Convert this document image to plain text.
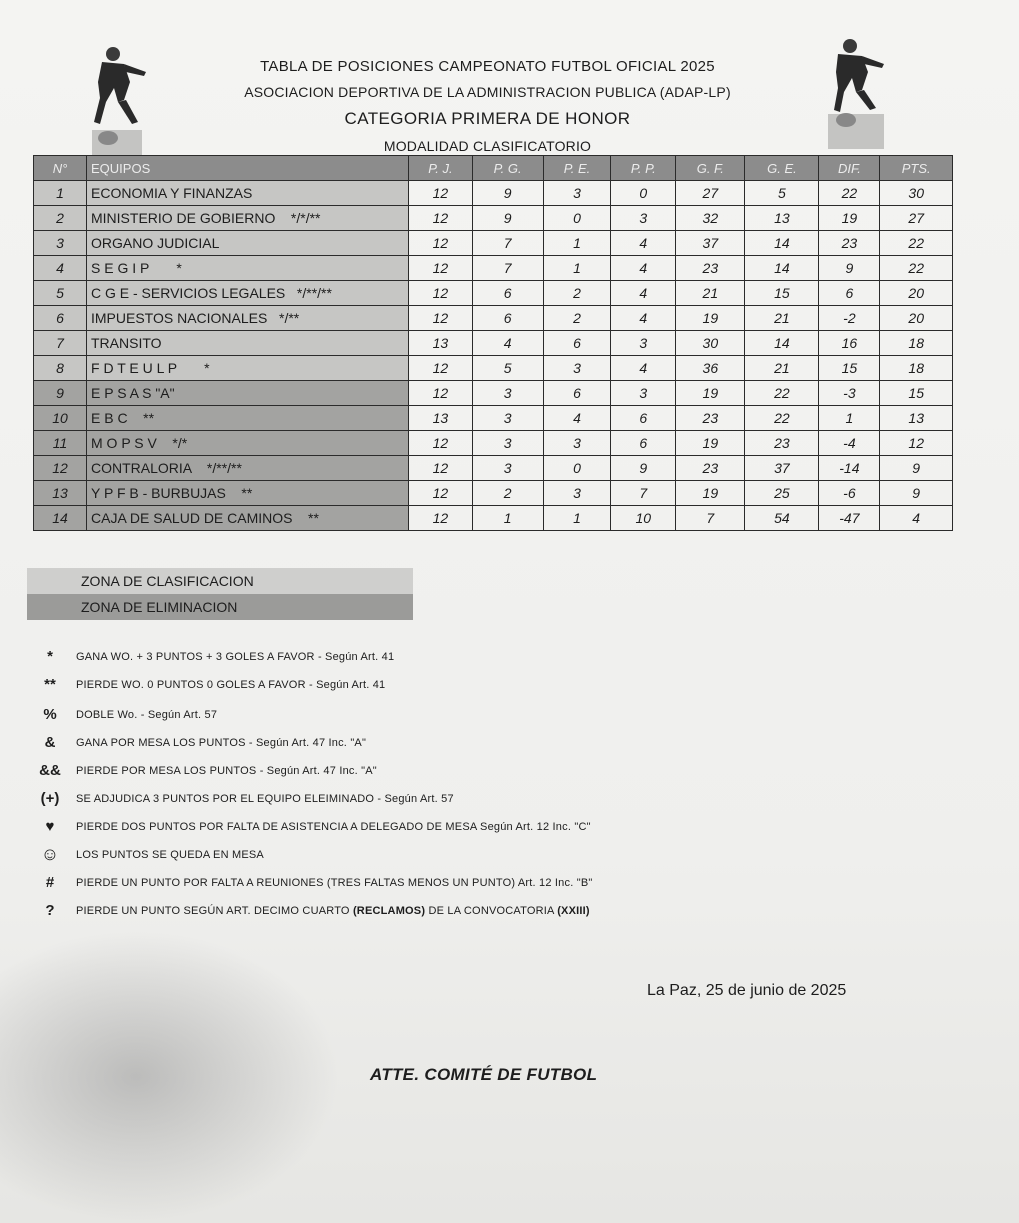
TABLA DE POSICIONES CAMPEONATO FUTBOL OFICIAL 2025
ASOCIACION DEPORTIVA DE LA ADMINISTRACION PUBLICA (ADAP-LP)
CATEGORIA PRIMERA DE HONOR
MODALIDAD CLASIFICATORIO
N°	EQUIPOS	P. J.	P. G.	P. E.	P. P.	G. F.	G. E.	DIF.	PTS.
1	ECONOMIA Y FINANZAS	12	9	3	0	27	5	22	30
2	MINISTERIO DE GOBIERNO    */*/**	12	9	0	3	32	13	19	27
3	ORGANO JUDICIAL	12	7	1	4	37	14	23	22
4	S E G I P       *	12	7	1	4	23	14	9	22
5	C G E - SERVICIOS LEGALES   */**/**	12	6	2	4	21	15	6	20
6	IMPUESTOS NACIONALES   */**	12	6	2	4	19	21	-2	20
7	TRANSITO	13	4	6	3	30	14	16	18
8	F D T E U L P       *	12	5	3	4	36	21	15	18
9	E P S A S "A"	12	3	6	3	19	22	-3	15
10	E B C    **	13	3	4	6	23	22	1	13
11	M O P S V    */*	12	3	3	6	19	23	-4	12
12	CONTRALORIA    */**/**	12	3	0	9	23	37	-14	9
13	Y P F B - BURBUJAS    **	12	2	3	7	19	25	-6	9
14	CAJA DE SALUD DE CAMINOS    **	12	1	1	10	7	54	-47	4
ZONA DE CLASIFICACION
ZONA DE ELIMINACION
*	GANA WO. + 3 PUNTOS + 3 GOLES A FAVOR - Según Art. 41
**	PIERDE WO. 0 PUNTOS 0 GOLES A FAVOR - Según Art. 41
%	DOBLE Wo. - Según Art. 57
&	GANA POR MESA LOS PUNTOS - Según Art. 47 Inc. "A"
&&	PIERDE POR MESA LOS PUNTOS - Según Art. 47 Inc. "A"
(+)	SE ADJUDICA 3 PUNTOS POR EL EQUIPO ELEIMINADO - Según Art. 57
♥	PIERDE DOS PUNTOS POR FALTA DE ASISTENCIA A DELEGADO DE MESA Según Art. 12 Inc. "C"
☺	LOS PUNTOS SE QUEDA EN MESA
#	PIERDE UN PUNTO POR FALTA A REUNIONES (TRES FALTAS MENOS UN PUNTO) Art. 12 Inc. "B"
?	PIERDE UN PUNTO SEGÚN ART. DECIMO CUARTO (RECLAMOS) DE LA CONVOCATORIA (XXIII)
La Paz, 25 de junio de 2025
ATTE. COMITÉ DE FUTBOL
